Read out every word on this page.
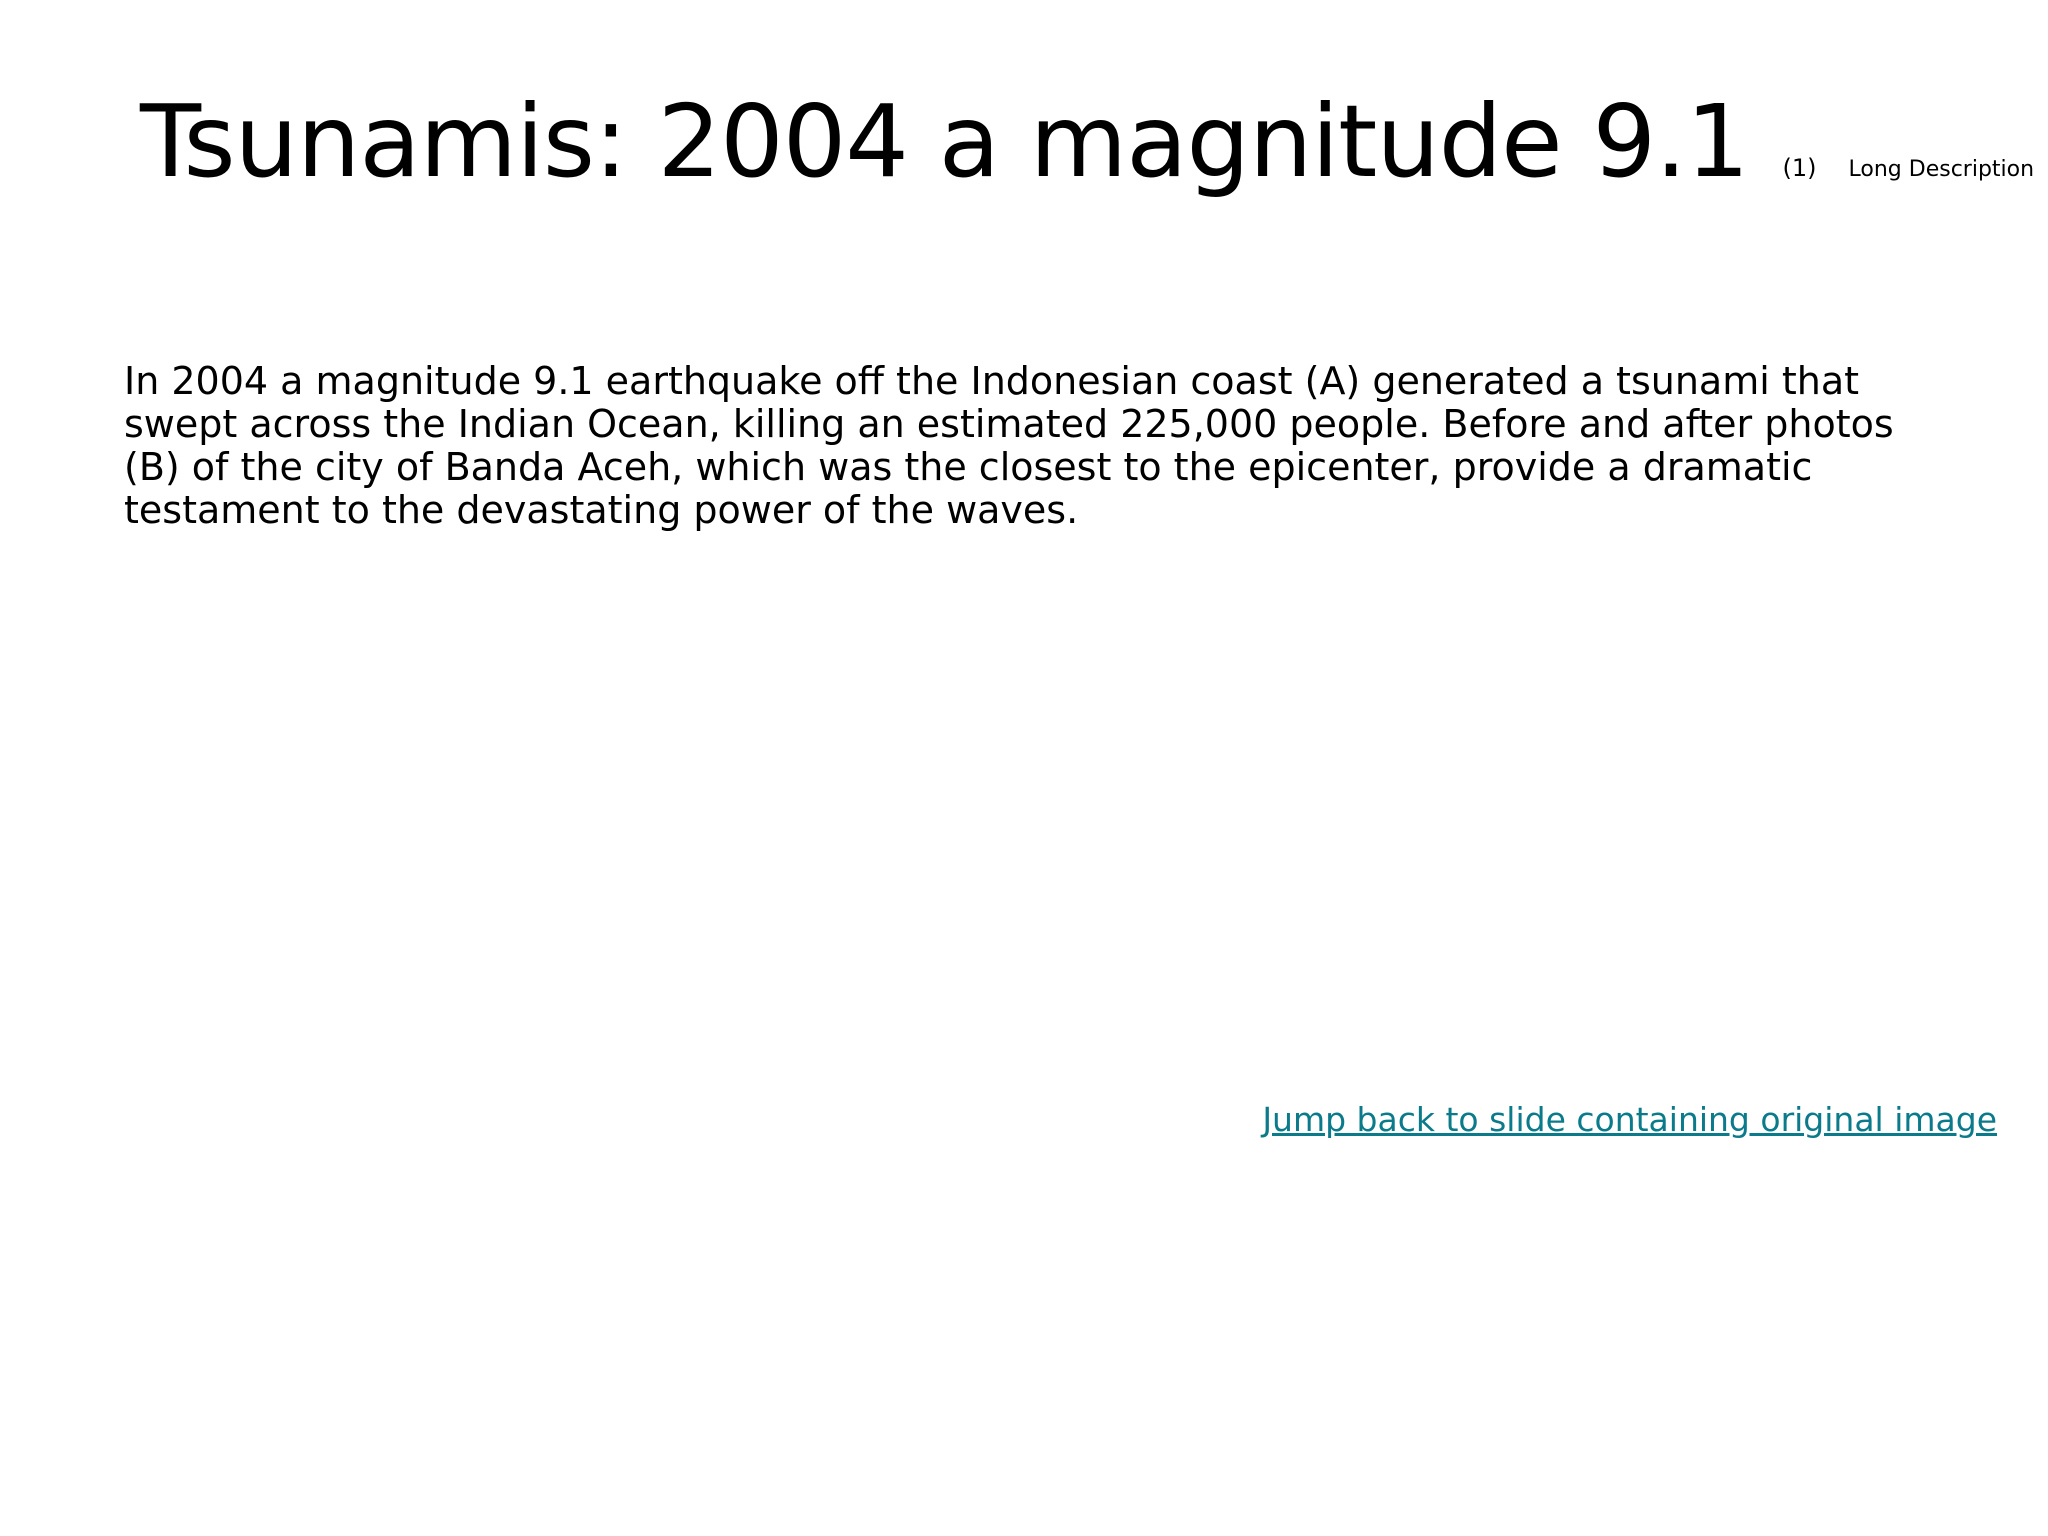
Tsunamis: 2004 a magnitude 9.1 (1) Long Description

In 2004 a magnitude 9.1 earthquake off the Indonesian coast (A) generated a tsunami that swept across the Indian Ocean, killing an estimated 225,000 people. Before and after photos (B) of the city of Banda Aceh, which was the closest to the epicenter, provide a dramatic testament to the devastating power of the waves.

Jump back to slide containing original image
